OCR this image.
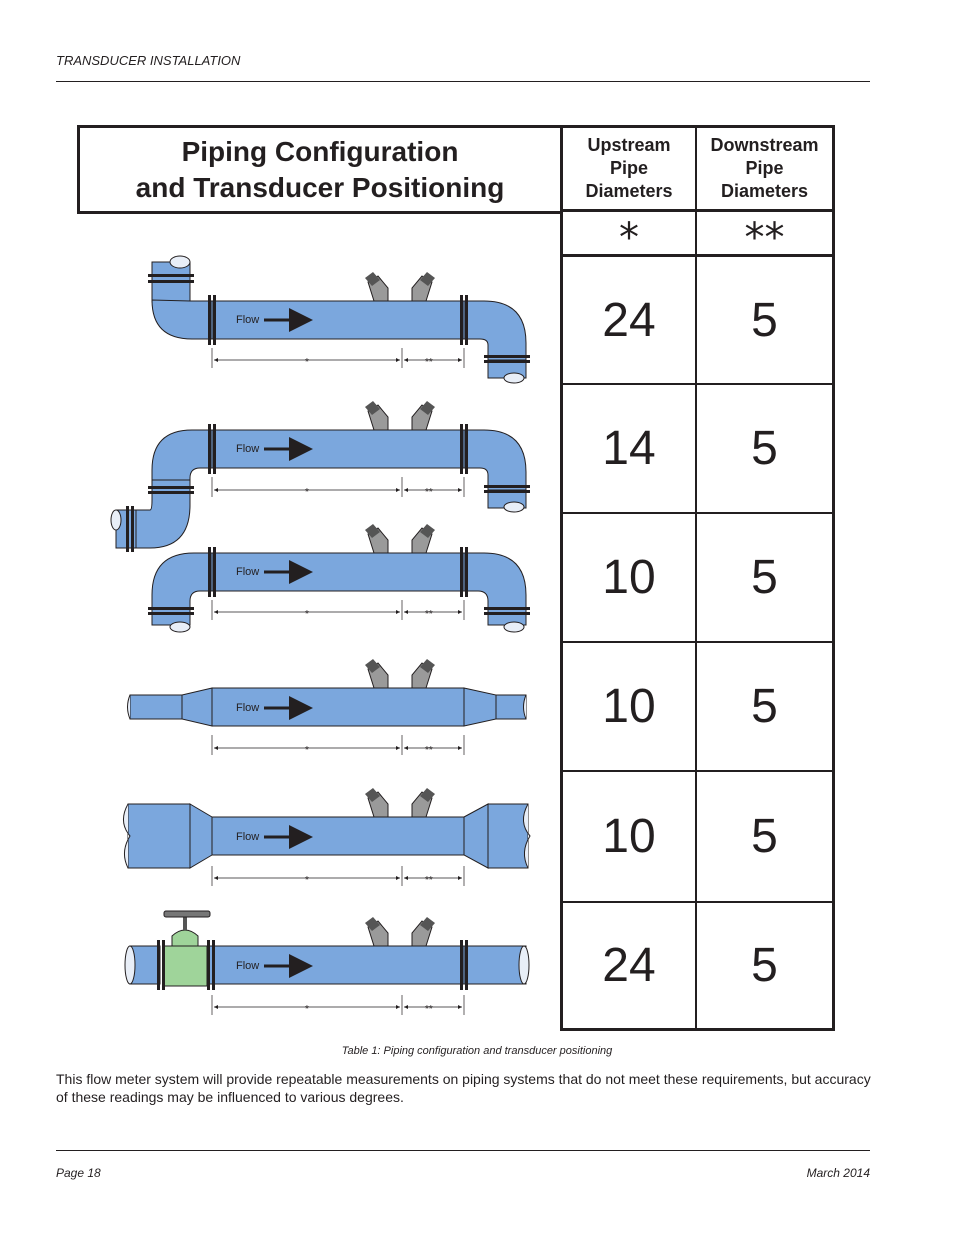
TRANSDUCER INSTALLATION
Piping Configuration
and Transducer Positioning
Upstream
Pipe
Diameters
Downstream
Pipe
Diameters
*	**
24	5
14	5
10	5
10	5
10	5
24	5
Flow
*	**
Flow
*	**
Flow
*	**
Flow
*	**
Flow
*	**
Flow
*	**
Table 1: Piping configuration and transducer positioning
This flow meter system will provide repeatable measurements on piping systems that do not meet these requirements, but accuracy of these readings may be influenced to various degrees.
Page 18	March 2014
